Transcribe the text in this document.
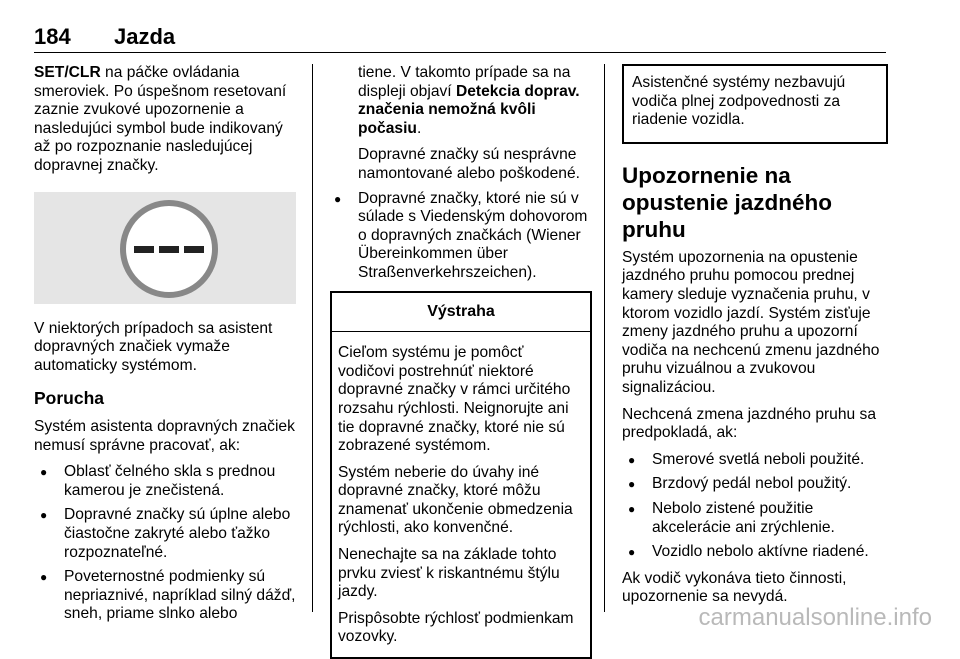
184 Jazda

SET/CLR na páčke ovládania smeroviek. Po úspešnom resetovaní zaznie zvukové upozornenie a nasledujúci symbol bude indikovaný až po rozpoznanie nasledujúcej dopravnej značky.

V niektorých prípadoch sa asistent dopravných značiek vymaže automaticky systémom.

Porucha

Systém asistenta dopravných značiek nemusí správne pracovať, ak:

● Oblasť čelného skla s prednou kamerou je znečistená.
● Dopravné značky sú úplne alebo čiastočne zakryté alebo ťažko rozpoznateľné.
● Poveternostné podmienky sú nepriaznivé, napríklad silný dážď, sneh, priame slnko alebo
tiene. V takomto prípade sa na displeji objaví Detekcia doprav. značenia nemožná kvôli počasiu.
Dopravné značky sú nesprávne namontované alebo poškodené.
● Dopravné značky, ktoré nie sú v súlade s Viedenským dohovorom o dopravných značkách (Wiener Übereinkommen über Straßenverkehrszeichen).
Výstraha

Cieľom systému je pomôcť vodičovi postrehnúť niektoré dopravné značky v rámci určitého rozsahu rýchlosti. Neignorujte ani tie dopravné značky, ktoré nie sú zobrazené systémom.

Systém neberie do úvahy iné dopravné značky, ktoré môžu znamenať ukončenie obmedzenia rýchlosti, ako konvenčné.

Nenechajte sa na základe tohto prvku zviesť k riskantnému štýlu jazdy.

Prispôsobte rýchlosť podmienkam vozovky.

Asistenčné systémy nezbavujú vodiča plnej zodpovednosti za riadenie vozidla.

Upozornenie na opustenie jazdného pruhu

Systém upozornenia na opustenie jazdného pruhu pomocou prednej kamery sleduje vyznačenia pruhu, v ktorom vozidlo jazdí. Systém zisťuje zmeny jazdného pruhu a upozorní vodiča na nechcenú zmenu jazdného pruhu vizuálnou a zvukovou signalizáciou.

Nechcená zmena jazdného pruhu sa predpokladá, ak:

● Smerové svetlá neboli použité.
● Brzdový pedál nebol použitý.
● Nebolo zistené použitie akcelerácie ani zrýchlenie.
● Vozidlo nebolo aktívne riadené.

Ak vodič vykonáva tieto činnosti, upozornenie sa nevydá.

carmanualsonline.info
